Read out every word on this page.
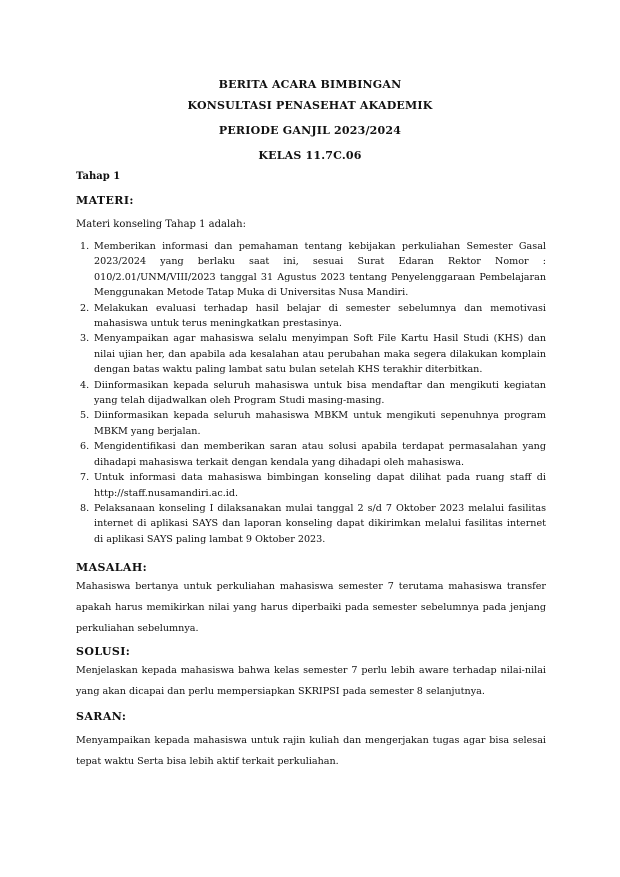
BERITA ACARA BIMBINGAN
KONSULTASI PENASEHAT AKADEMIK
PERIODE GANJIL 2023/2024
KELAS 11.7C.06
Tahap 1
MATERI:
Materi konseling Tahap 1 adalah:
1. Memberikan informasi dan pemahaman tentang kebijakan perkuliahan Semester Gasal 2023/2024 yang berlaku saat ini, sesuai Surat Edaran Rektor Nomor : 010/2.01/UNM/VIII/2023 tanggal 31 Agustus 2023 tentang Penyelenggaraan Pembelajaran Menggunakan Metode Tatap Muka di Universitas Nusa Mandiri.
2. Melakukan evaluasi terhadap hasil belajar di semester sebelumnya dan memotivasi mahasiswa untuk terus meningkatkan prestasinya.
3. Menyampaikan agar mahasiswa selalu menyimpan Soft File Kartu Hasil Studi (KHS) dan nilai ujian her, dan apabila ada kesalahan atau perubahan maka segera dilakukan komplain dengan batas waktu paling lambat satu bulan setelah KHS terakhir diterbitkan.
4. Diinformasikan kepada seluruh mahasiswa untuk bisa mendaftar dan mengikuti kegiatan yang telah dijadwalkan oleh Program Studi masing-masing.
5. Diinformasikan kepada seluruh mahasiswa MBKM untuk mengikuti sepenuhnya program MBKM yang berjalan.
6. Mengidentifikasi dan memberikan saran atau solusi apabila terdapat permasalahan yang dihadapi mahasiswa terkait dengan kendala yang dihadapi oleh mahasiswa.
7. Untuk informasi data mahasiswa bimbingan konseling dapat dilihat pada ruang staff di http://staff.nusamandiri.ac.id.
8. Pelaksanaan konseling I dilaksanakan mulai tanggal 2 s/d 7 Oktober 2023 melalui fasilitas internet di aplikasi SAYS dan laporan konseling dapat dikirimkan melalui fasilitas internet di aplikasi SAYS paling lambat 9 Oktober 2023.
MASALAH:
Mahasiswa bertanya untuk perkuliahan mahasiswa semester 7 terutama mahasiswa transfer apakah harus memikirkan nilai yang harus diperbaiki pada semester sebelumnya pada jenjang perkuliahan sebelumnya.
SOLUSI:
Menjelaskan kepada mahasiswa bahwa kelas semester 7 perlu lebih aware terhadap nilai-nilai yang akan dicapai dan perlu mempersiapkan SKRIPSI pada semester 8 selanjutnya.
SARAN:
Menyampaikan kepada mahasiswa untuk rajin kuliah dan mengerjakan tugas agar bisa selesai tepat waktu Serta bisa lebih aktif terkait perkuliahan.
